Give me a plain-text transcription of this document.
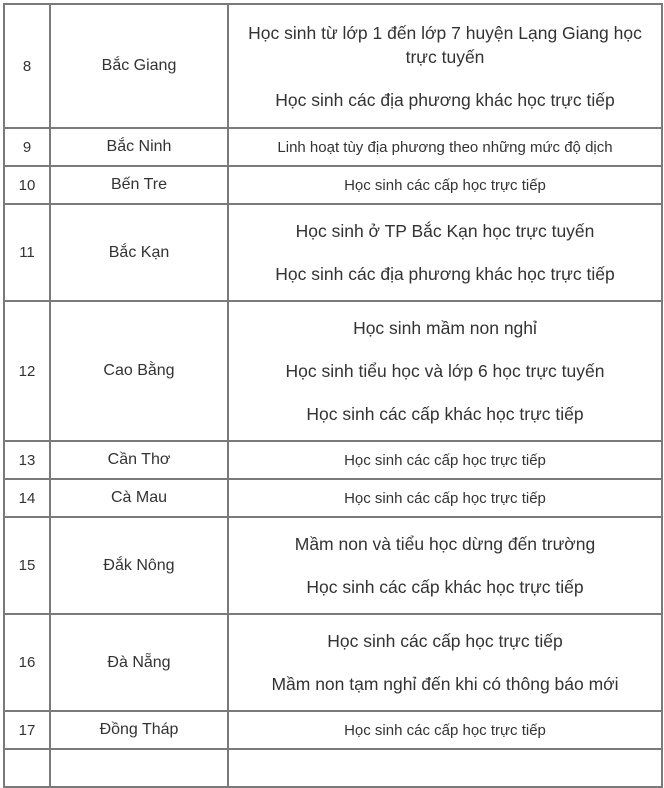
8	Bắc Giang	Học sinh từ lớp 1 đến lớp 7 huyện Lạng Giang học trực tuyến

Học sinh các địa phương khác học trực tiếp

9	Bắc Ninh	Linh hoạt tùy địa phương theo những mức độ dịch
10	Bến Tre	Học sinh các cấp học trực tiếp
11	Bắc Kạn	Học sinh ở TP Bắc Kạn học trực tuyến

Học sinh các địa phương khác học trực tiếp

12	Cao Bằng	Học sinh mầm non nghỉ

Học sinh tiểu học và lớp 6 học trực tuyến

Học sinh các cấp khác học trực tiếp

13	Cần Thơ	Học sinh các cấp học trực tiếp
14	Cà Mau	Học sinh các cấp học trực tiếp
15	Đắk Nông	Mầm non và tiểu học dừng đến trường

Học sinh các cấp khác học trực tiếp

16	Đà Nẵng	Học sinh các cấp học trực tiếp

Mầm non tạm nghỉ đến khi có thông báo mới

17	Đồng Tháp	Học sinh các cấp học trực tiếp
